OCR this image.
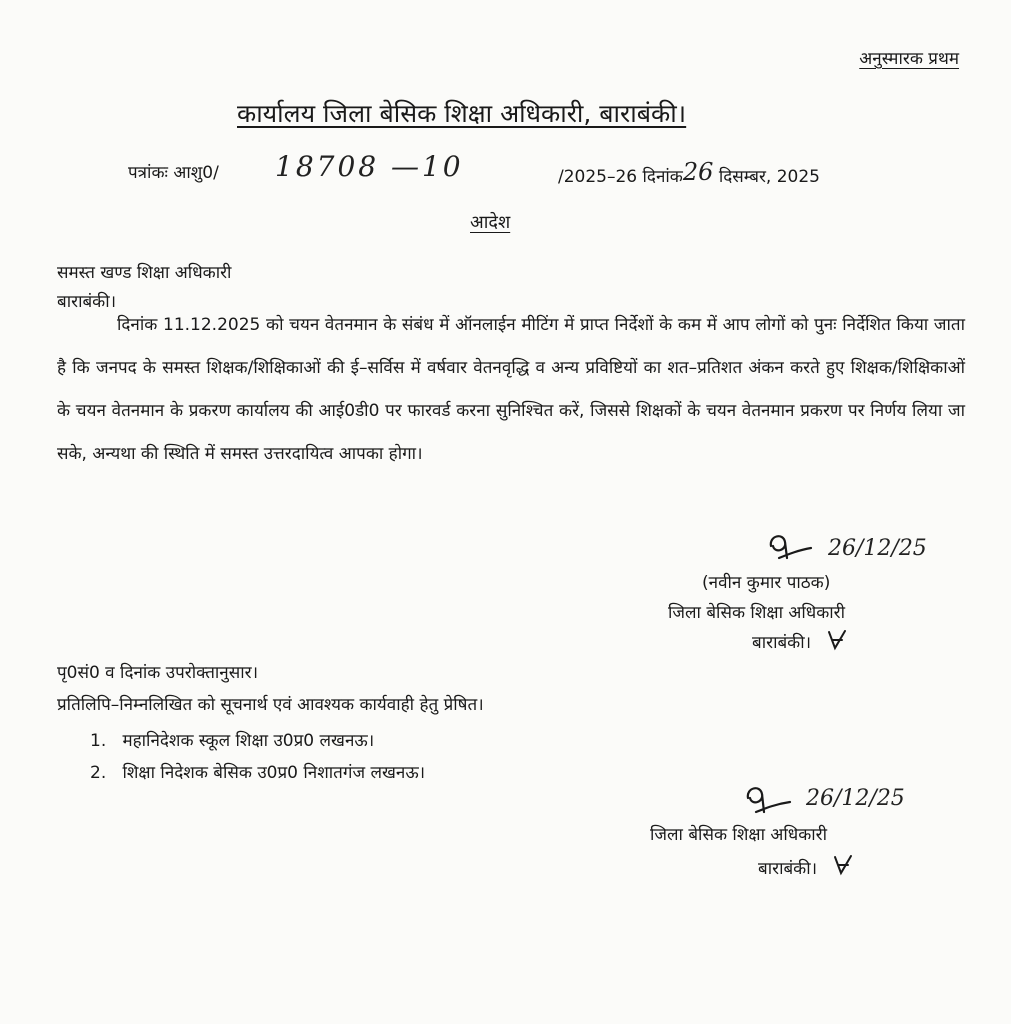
अनुस्मारक प्रथम
कार्यालय जिला बेसिक शिक्षा अधिकारी, बाराबंकी।
पत्रांकः आशु0/ 18708 —10	/2025–26 दिनांक26 दिसम्बर, 2025
आदेश
समस्त खण्ड शिक्षा अधिकारी
बाराबंकी।
दिनांक 11.12.2025 को चयन वेतनमान के संबंध में ऑनलाईन मीटिंग में प्राप्त निर्देशों के कम में आप लोगों को पुनः निर्देशित किया जाता है कि जनपद के समस्त शिक्षक/शिक्षिकाओं की ई–सर्विस में वर्षवार वेतनवृद्धि व अन्य प्रविष्टियों का शत–प्रतिशत अंकन करते हुए शिक्षक/शिक्षिकाओं के चयन वेतनमान के प्रकरण कार्यालय की आई0डी0 पर फारवर्ड करना सुनिश्चित करें, जिससे शिक्षकों के चयन वेतनमान प्रकरण पर निर्णय लिया जा सके, अन्यथा की स्थिति में समस्त उत्तरदायित्व आपका होगा।
26/12/25
(नवीन कुमार पाठक)
जिला बेसिक शिक्षा अधिकारी
बाराबंकी।
पृ0सं0 व दिनांक उपरोक्तानुसार।
प्रतिलिपि–निम्नलिखित को सूचनार्थ एवं आवश्यक कार्यवाही हेतु प्रेषित।
1. महानिदेशक स्कूल शिक्षा उ0प्र0 लखनऊ।
2. शिक्षा निदेशक बेसिक उ0प्र0 निशातगंज लखनऊ।
26/12/25
जिला बेसिक शिक्षा अधिकारी
बाराबंकी।
